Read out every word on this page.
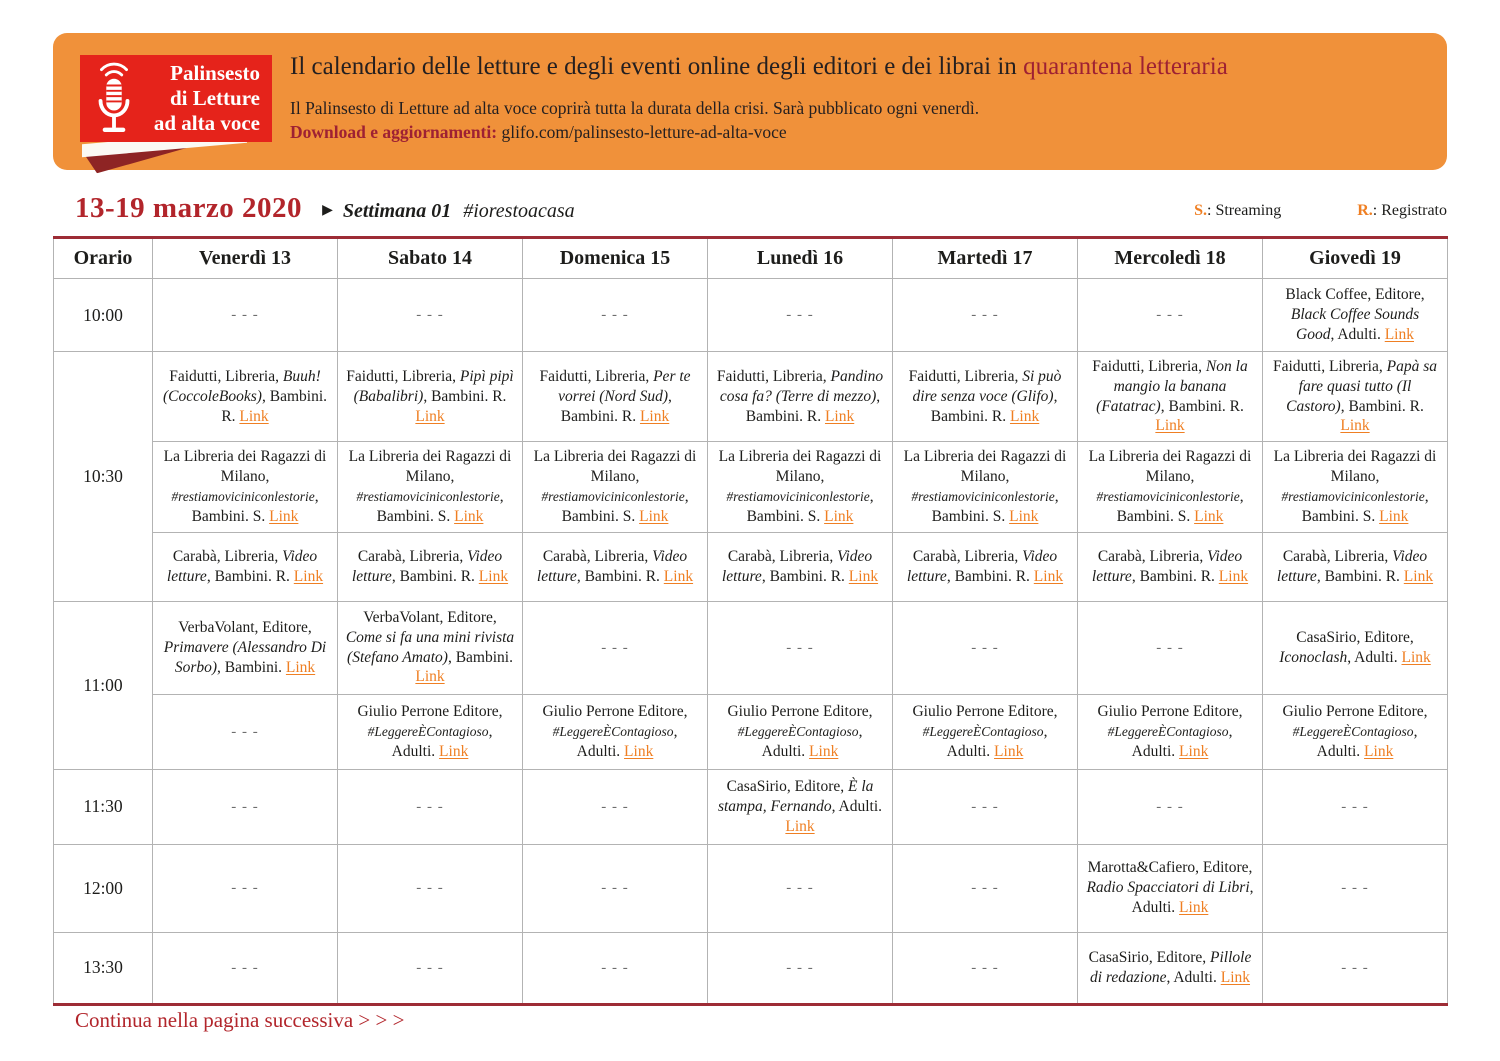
Palinsesto
di Letture
ad alta voce
Il calendario delle letture e degli eventi online degli editori e dei librai in quarantena letteraria
Il Palinsesto di Letture ad alta voce coprirà tutta la durata della crisi. Sarà pubblicato ogni venerdì.
Download e aggiornamenti: glifo.com/palinsesto-letture-ad-alta-voce
13-19 marzo 2020 ▶ Settimana 01 #iorestoacasa	S.: Streaming	R.: Registrato
Orario	Venerdì 13	Sabato 14	Domenica 15	Lunedì 16	Martedì 17	Mercoledì 18	Giovedì 19
10:00	- - -	- - -	- - -	- - -	- - -	- - -	Black Coffee, Editore, Black Coffee Sounds Good, Adulti. Link
10:30	Faidutti, Libreria, Buuh! (CoccoleBooks), Bambini. R. Link	Faidutti, Libreria, Pipì pipì (Babalibri), Bambini. R. Link	Faidutti, Libreria, Per te vorrei (Nord Sud), Bambini. R. Link	Faidutti, Libreria, Pandino cosa fa? (Terre di mezzo), Bambini. R. Link	Faidutti, Libreria, Si può dire senza voce (Glifo), Bambini. R. Link	Faidutti, Libreria, Non la mangio la banana (Fatatrac), Bambini. R. Link	Faidutti, Libreria, Papà sa fare quasi tutto (Il Castoro), Bambini. R. Link
	La Libreria dei Ragazzi di Milano, #restiamoviciniconlestorie, Bambini. S. Link	La Libreria dei Ragazzi di Milano, #restiamoviciniconlestorie, Bambini. S. Link	La Libreria dei Ragazzi di Milano, #restiamoviciniconlestorie, Bambini. S. Link	La Libreria dei Ragazzi di Milano, #restiamoviciniconlestorie, Bambini. S. Link	La Libreria dei Ragazzi di Milano, #restiamoviciniconlestorie, Bambini. S. Link	La Libreria dei Ragazzi di Milano, #restiamoviciniconlestorie, Bambini. S. Link	La Libreria dei Ragazzi di Milano, #restiamoviciniconlestorie, Bambini. S. Link
	Carabà, Libreria, Video letture, Bambini. R. Link	Carabà, Libreria, Video letture, Bambini. R. Link	Carabà, Libreria, Video letture, Bambini. R. Link	Carabà, Libreria, Video letture, Bambini. R. Link	Carabà, Libreria, Video letture, Bambini. R. Link	Carabà, Libreria, Video letture, Bambini. R. Link	Carabà, Libreria, Video letture, Bambini. R. Link
11:00	VerbaVolant, Editore, Primavere (Alessandro Di Sorbo), Bambini. Link	VerbaVolant, Editore, Come si fa una mini rivista (Stefano Amato), Bambini. Link	- - -	- - -	- - -	- - -	CasaSirio, Editore, Iconoclash, Adulti. Link
	- - -	Giulio Perrone Editore, #LeggereÈContagioso, Adulti. Link	Giulio Perrone Editore, #LeggereÈContagioso, Adulti. Link	Giulio Perrone Editore, #LeggereÈContagioso, Adulti. Link	Giulio Perrone Editore, #LeggereÈContagioso, Adulti. Link	Giulio Perrone Editore, #LeggereÈContagioso, Adulti. Link	Giulio Perrone Editore, #LeggereÈContagioso, Adulti. Link
11:30	- - -	- - -	- - -	CasaSirio, Editore, È la stampa, Fernando, Adulti. Link	- - -	- - -	- - -
12:00	- - -	- - -	- - -	- - -	- - -	Marotta&Cafiero, Editore, Radio Spacciatori di Libri, Adulti. Link	- - -
13:30	- - -	- - -	- - -	- - -	- - -	CasaSirio, Editore, Pillole di redazione, Adulti. Link	- - -
Continua nella pagina successiva > > >
